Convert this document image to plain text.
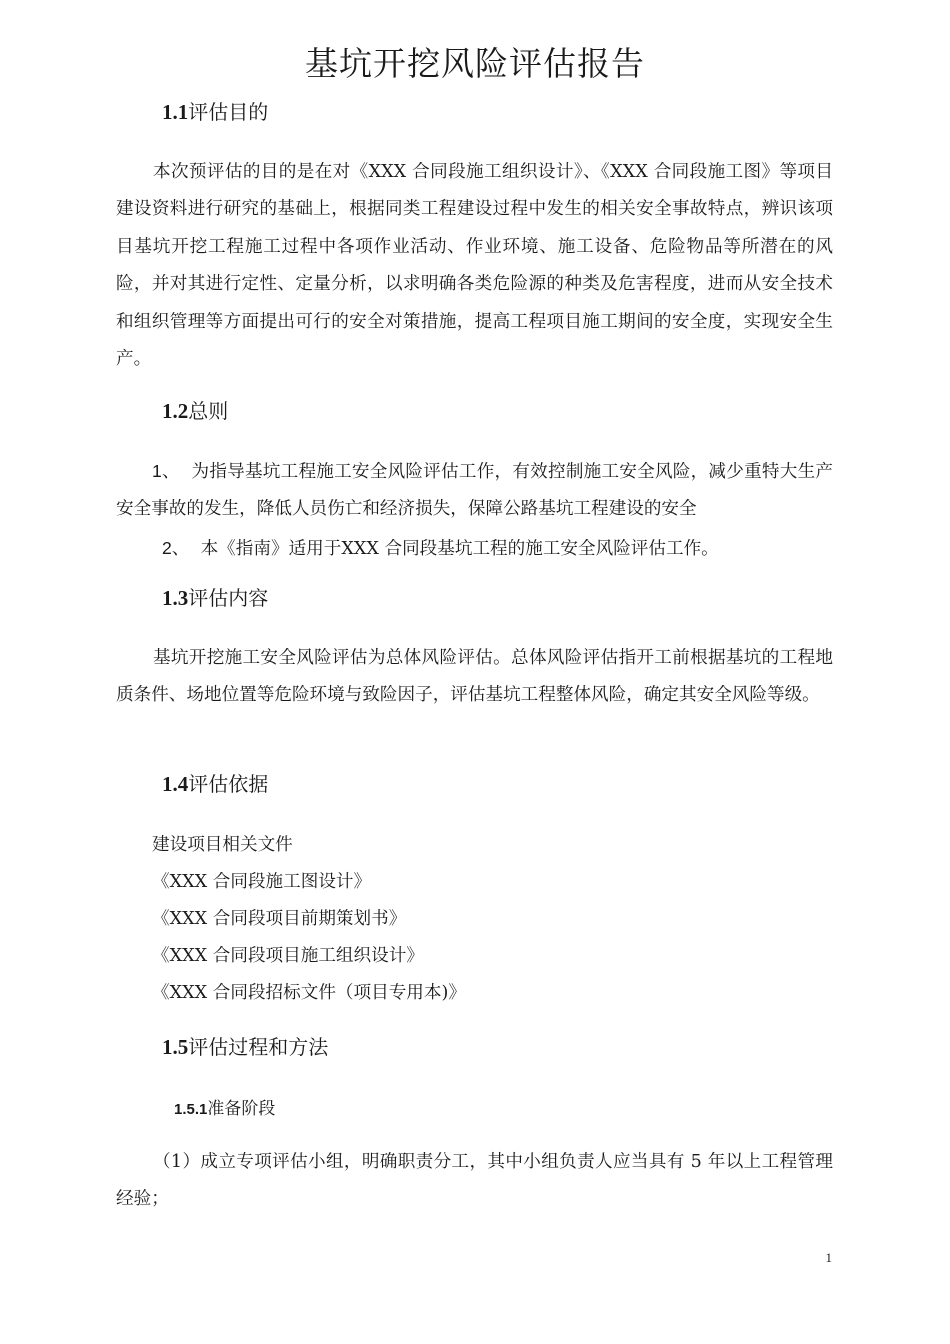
基坑开挖风险评估报告
1.1评估目的

本次预评估的目的是在对《XXX 合同段施工组织设计》、《XXX 合同段施工图》等项目建设资料进行研究的基础上，根据同类工程建设过程中发生的相关安全事故特点，辨识该项目基坑开挖工程施工过程中各项作业活动、作业环境、施工设备、危险物品等所潜在的风险，并对其进行定性、定量分析，以求明确各类危险源的种类及危害程度，进而从安全技术和组织管理等方面提出可行的安全对策措施，提高工程项目施工期间的安全度，实现安全生产。

1.2总则

1、 为指导基坑工程施工安全风险评估工作，有效控制施工安全风险，减少重特大生产安全事故的发生，降低人员伤亡和经济损失，保障公路基坑工程建设的安全

2、 本《指南》适用于XXX 合同段基坑工程的施工安全风险评估工作。
1.3评估内容

基坑开挖施工安全风险评估为总体风险评估。总体风险评估指开工前根据基坑的工程地质条件、场地位置等危险环境与致险因子，评估基坑工程整体风险，确定其安全风险等级。

1.4评估依据
建设项目相关文件
《XXX 合同段施工图设计》
《XXX 合同段项目前期策划书》
《XXX 合同段项目施工组织设计》
《XXX 合同段招标文件（项目专用本)》
1.5评估过程和方法
1.5.1准备阶段

（1）成立专项评估小组，明确职责分工，其中小组负责人应当具有 5 年以上工程管理经验；

1
